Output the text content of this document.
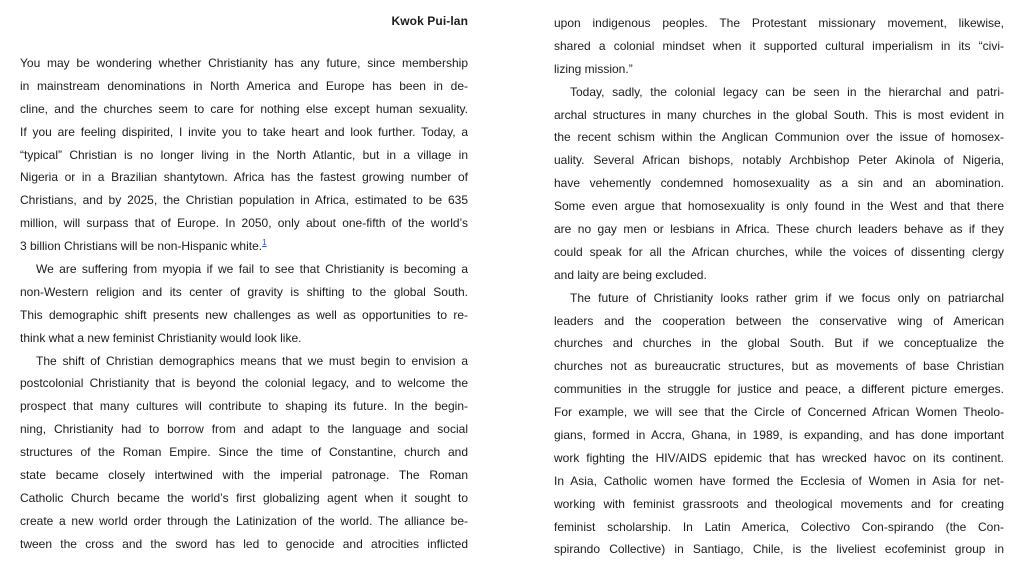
Kwok Pui-lan
You may be wondering whether Christianity has any future, since membership
in mainstream denominations in North America and Europe has been in de-
cline, and the churches seem to care for nothing else except human sexuality.
If you are feeling dispirited, I invite you to take heart and look further. Today, a
“typical” Christian is no longer living in the North Atlantic, but in a village in
Nigeria or in a Brazilian shantytown. Africa has the fastest growing number of
Christians, and by 2025, the Christian population in Africa, estimated to be 635
million, will surpass that of Europe. In 2050, only about one-fifth of the world’s
3 billion Christians will be non-Hispanic white.$^1$
We are suffering from myopia if we fail to see that Christianity is becoming a
non-Western religion and its center of gravity is shifting to the global South.
This demographic shift presents new challenges as well as opportunities to re-
think what a new feminist Christianity would look like.
The shift of Christian demographics means that we must begin to envision a
postcolonial Christianity that is beyond the colonial legacy, and to welcome the
prospect that many cultures will contribute to shaping its future. In the begin-
ning, Christianity had to borrow from and adapt to the language and social
structures of the Roman Empire. Since the time of Constantine, church and
state became closely intertwined with the imperial patronage. The Roman
Catholic Church became the world’s first globalizing agent when it sought to
create a new world order through the Latinization of the world. The alliance be-
tween the cross and the sword has led to genocide and atrocities inflicted
upon indigenous peoples. The Protestant missionary movement, likewise,
shared a colonial mindset when it supported cultural imperialism in its “civi-
lizing mission.”
Today, sadly, the colonial legacy can be seen in the hierarchal and patri-
archal structures in many churches in the global South. This is most evident in
the recent schism within the Anglican Communion over the issue of homosex-
uality. Several African bishops, notably Archbishop Peter Akinola of Nigeria,
have vehemently condemned homosexuality as a sin and an abomination.
Some even argue that homosexuality is only found in the West and that there
are no gay men or lesbians in Africa. These church leaders behave as if they
could speak for all the African churches, while the voices of dissenting clergy
and laity are being excluded.
The future of Christianity looks rather grim if we focus only on patriarchal
leaders and the cooperation between the conservative wing of American
churches and churches in the global South. But if we conceptualize the
churches not as bureaucratic structures, but as movements of base Christian
communities in the struggle for justice and peace, a different picture emerges.
For example, we will see that the Circle of Concerned African Women Theolo-
gians, formed in Accra, Ghana, in 1989, is expanding, and has done important
work fighting the HIV/AIDS epidemic that has wrecked havoc on its continent.
In Asia, Catholic women have formed the Ecclesia of Women in Asia for net-
working with feminist grassroots and theological movements and for creating
feminist scholarship. In Latin America, Colectivo Con-spirando (the Con-
spirando Collective) in Santiago, Chile, is the liveliest ecofeminist group in
